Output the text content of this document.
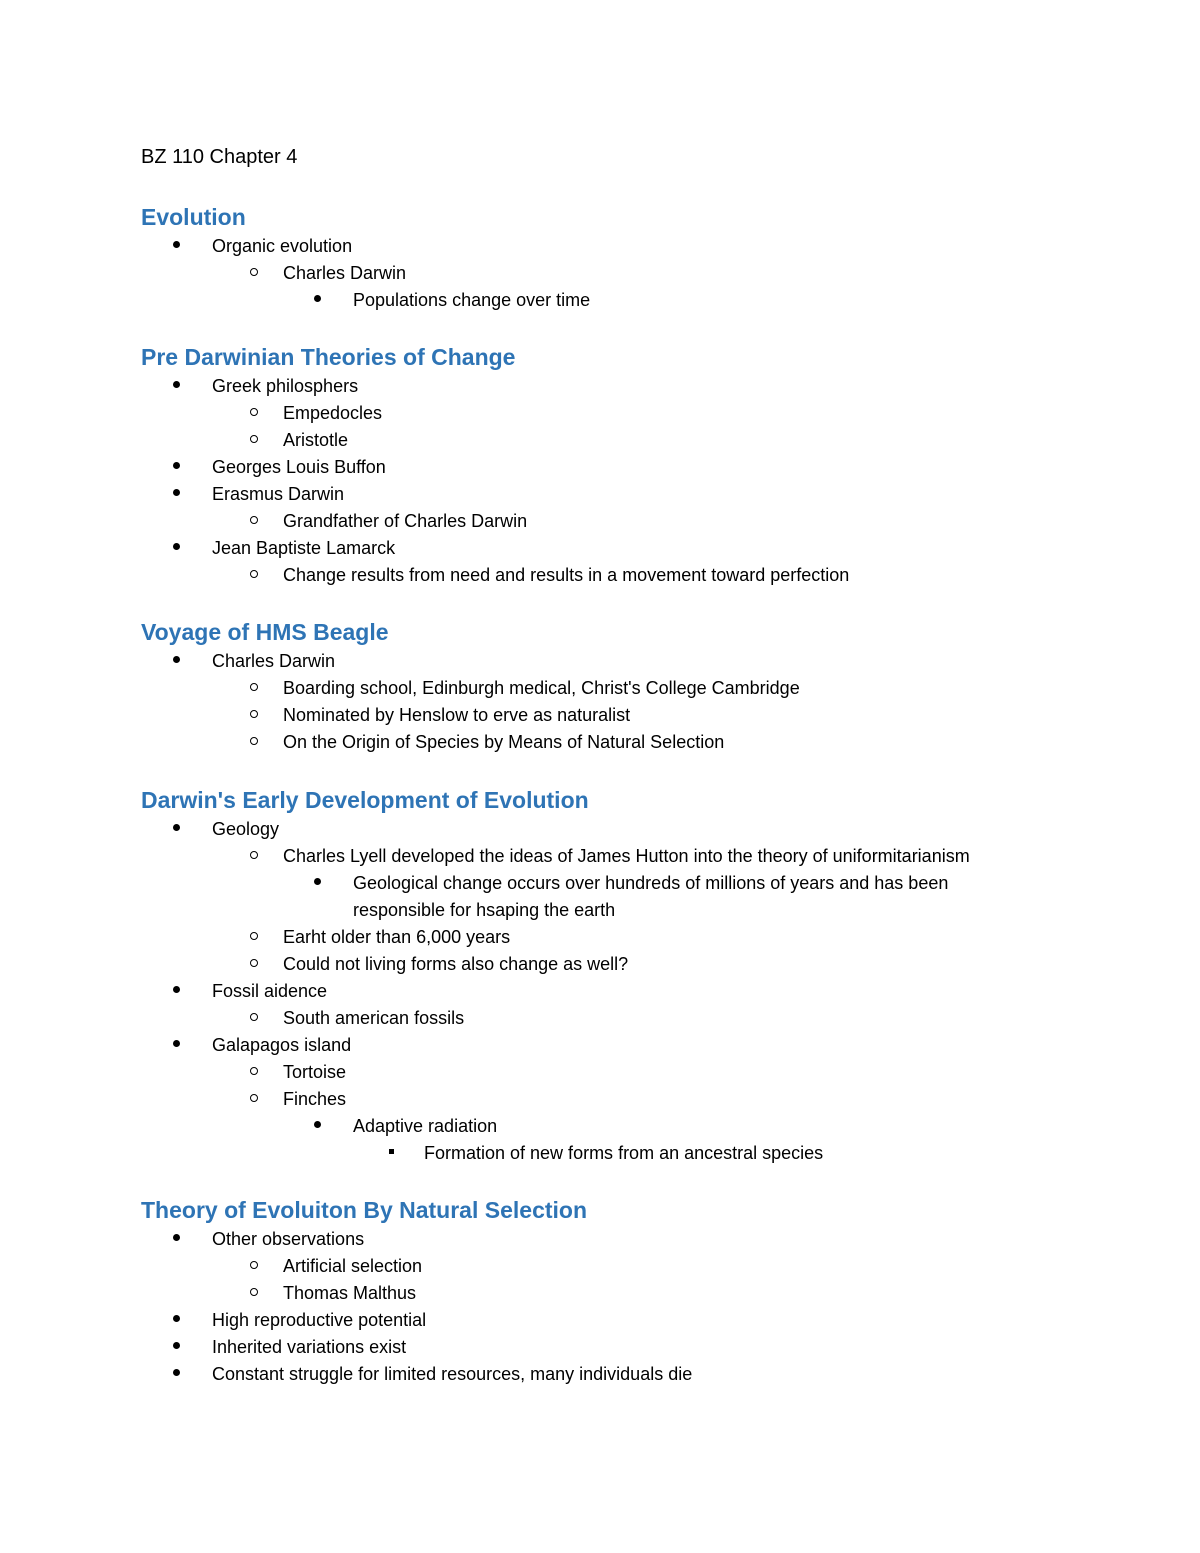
BZ 110 Chapter 4
Evolution
Organic evolution
Charles Darwin
Populations change over time
Pre Darwinian Theories of Change
Greek philosphers
Empedocles
Aristotle
Georges Louis Buffon
Erasmus Darwin
Grandfather of Charles Darwin
Jean Baptiste Lamarck
Change results from need and results in a movement toward perfection
Voyage of HMS Beagle
Charles Darwin
Boarding school, Edinburgh medical, Christ's College Cambridge
Nominated by Henslow to erve as naturalist
On the Origin of Species by Means of Natural Selection
Darwin's Early Development of Evolution
Geology
Charles Lyell developed the ideas of James Hutton into the theory of uniformitarianism
Geological change occurs over hundreds of millions of years and has been responsible for hsaping the earth
Earht older than 6,000 years
Could not living forms also change as well?
Fossil aidence
South american fossils
Galapagos island
Tortoise
Finches
Adaptive radiation
Formation of new forms from an ancestral species
Theory of Evoluiton By Natural Selection
Other observations
Artificial selection
Thomas Malthus
High reproductive potential
Inherited variations exist
Constant struggle for limited resources, many individuals die
